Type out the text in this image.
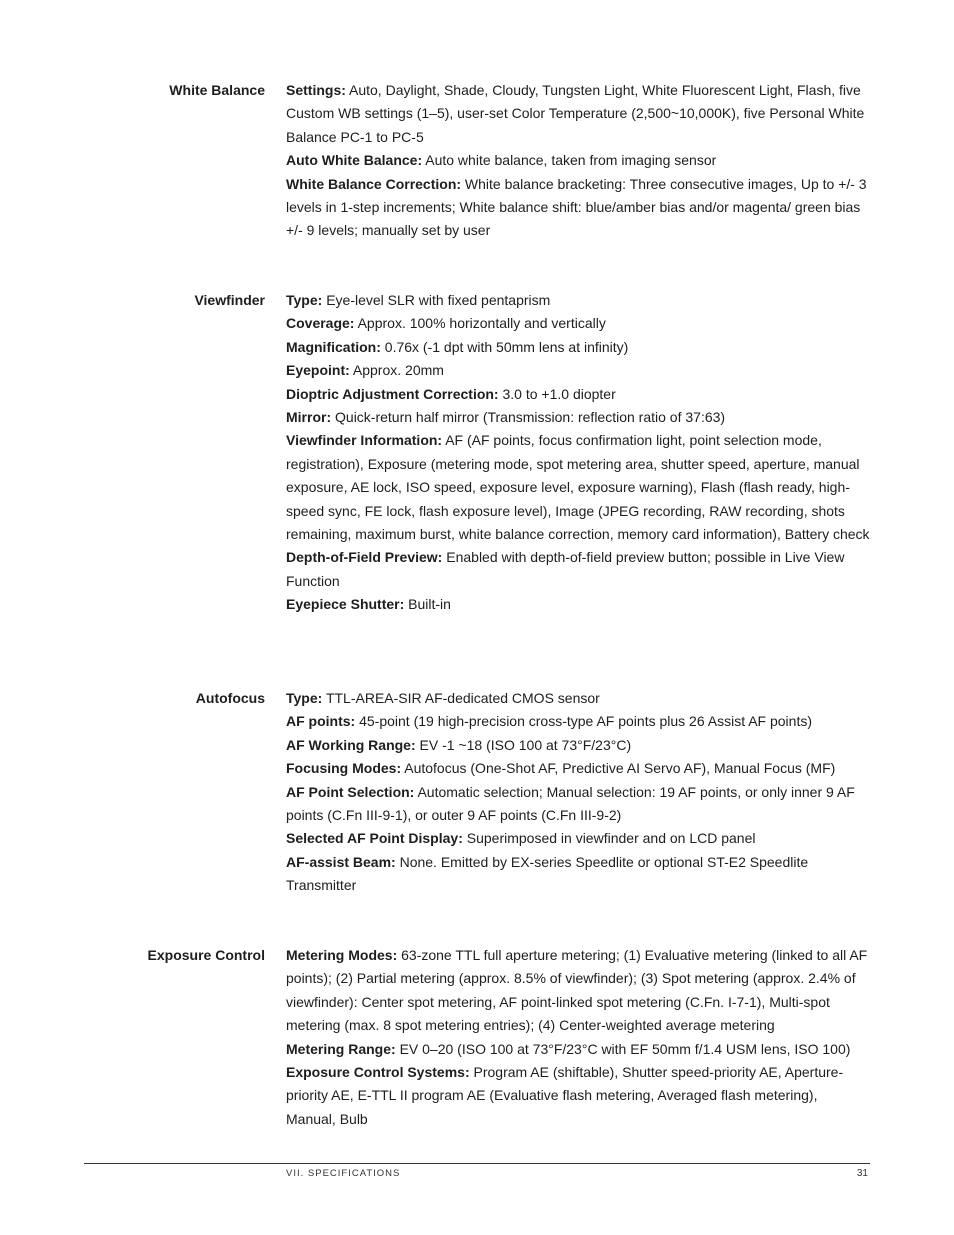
White Balance Settings: Auto, Daylight, Shade, Cloudy, Tungsten Light, White Fluorescent Light, Flash, five Custom WB settings (1–5), user-set Color Temperature (2,500~10,000K), five Personal White Balance PC-1 to PC-5

Auto White Balance: Auto white balance, taken from imaging sensor

White Balance Correction: White balance bracketing: Three consecutive images, Up to +/- 3 levels in 1-step increments; White balance shift: blue/amber bias and/or magenta/ green bias +/- 9 levels; manually set by user

Viewfinder Type: Eye-level SLR with fixed pentaprism

Coverage: Approx. 100% horizontally and vertically

Magnification: 0.76x (-1 dpt with 50mm lens at infinity)

Eyepoint: Approx. 20mm

Dioptric Adjustment Correction: 3.0 to +1.0 diopter

Mirror: Quick-return half mirror (Transmission: reflection ratio of 37:63)

Viewfinder Information: AF (AF points, focus confirmation light, point selection mode, registration), Exposure (metering mode, spot metering area, shutter speed, aperture, manual exposure, AE lock, ISO speed, exposure level, exposure warning), Flash (flash ready, high-speed sync, FE lock, flash exposure level), Image (JPEG recording, RAW recording, shots remaining, maximum burst, white balance correction, memory card information), Battery check

Depth-of-Field Preview: Enabled with depth-of-field preview button; possible in Live View Function

Eyepiece Shutter: Built-in

Autofocus Type: TTL-AREA-SIR AF-dedicated CMOS sensor

AF points: 45-point (19 high-precision cross-type AF points plus 26 Assist AF points)

AF Working Range: EV -1 ~18 (ISO 100 at 73°F/23°C)

Focusing Modes: Autofocus (One-Shot AF, Predictive AI Servo AF), Manual Focus (MF)

AF Point Selection: Automatic selection; Manual selection: 19 AF points, or only inner 9 AF points (C.Fn III-9-1), or outer 9 AF points (C.Fn III-9-2)

Selected AF Point Display: Superimposed in viewfinder and on LCD panel

AF-assist Beam: None. Emitted by EX-series Speedlite or optional ST-E2 Speedlite Transmitter

Exposure Control Metering Modes: 63-zone TTL full aperture metering; (1) Evaluative metering (linked to all AF points); (2) Partial metering (approx. 8.5% of viewfinder); (3) Spot metering (approx. 2.4% of viewfinder): Center spot metering, AF point-linked spot metering (C.Fn. I-7-1), Multi-spot metering (max. 8 spot metering entries); (4) Center-weighted average metering

Metering Range: EV 0–20 (ISO 100 at 73°F/23°C with EF 50mm f/1.4 USM lens, ISO 100)

Exposure Control Systems: Program AE (shiftable), Shutter speed-priority AE, Aperture-priority AE, E-TTL II program AE (Evaluative flash metering, Averaged flash metering), Manual, Bulb

VII. SPECIFICATIONS	31
